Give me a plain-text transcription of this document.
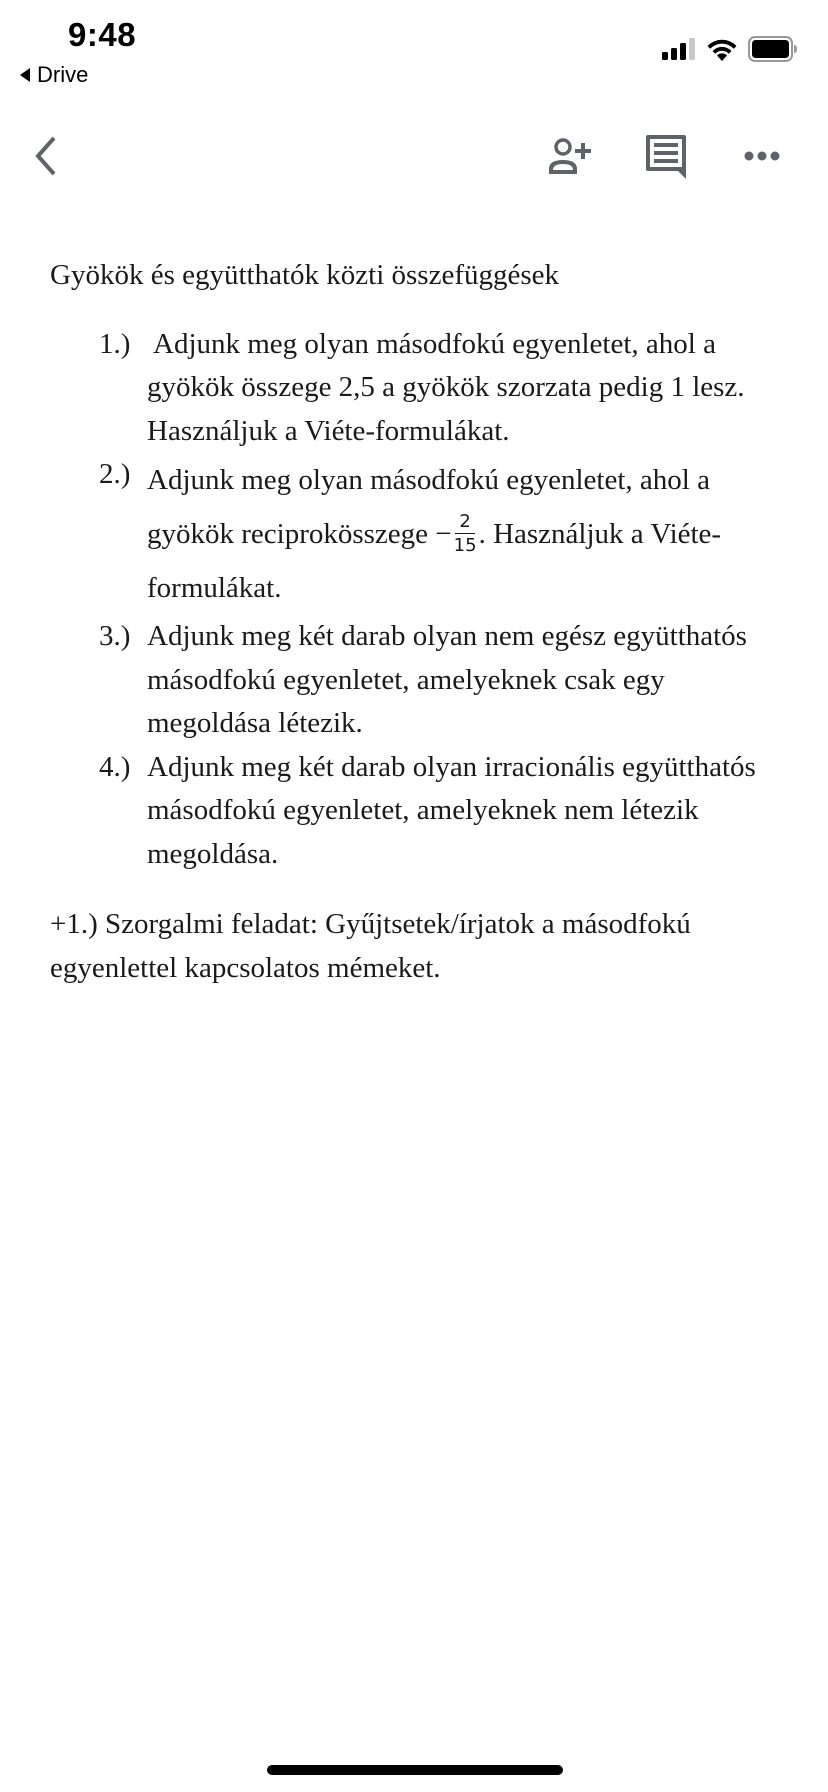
9:48
Drive

Gyökök és együtthatók közti összefüggések

1.) Adjunk meg olyan másodfokú egyenletet, ahol a gyökök összege 2,5 a gyökök szorzata pedig 1 lesz. Használjuk a Viéte-formulákat.
2.) Adjunk meg olyan másodfokú egyenletet, ahol a gyökök reciprokösszege − $\frac{2}{15}$ . Használjuk a Viéte-formulákat.
3.) Adjunk meg két darab olyan nem egész együtthatós másodfokú egyenletet, amelyeknek csak egy megoldása létezik.
4.) Adjunk meg két darab olyan irracionális együtthatós másodfokú egyenletet, amelyeknek nem létezik megoldása.

+1.) Szorgalmi feladat: Gyűjtsetek/írjatok a másodfokú egyenlettel kapcsolatos mémeket.
